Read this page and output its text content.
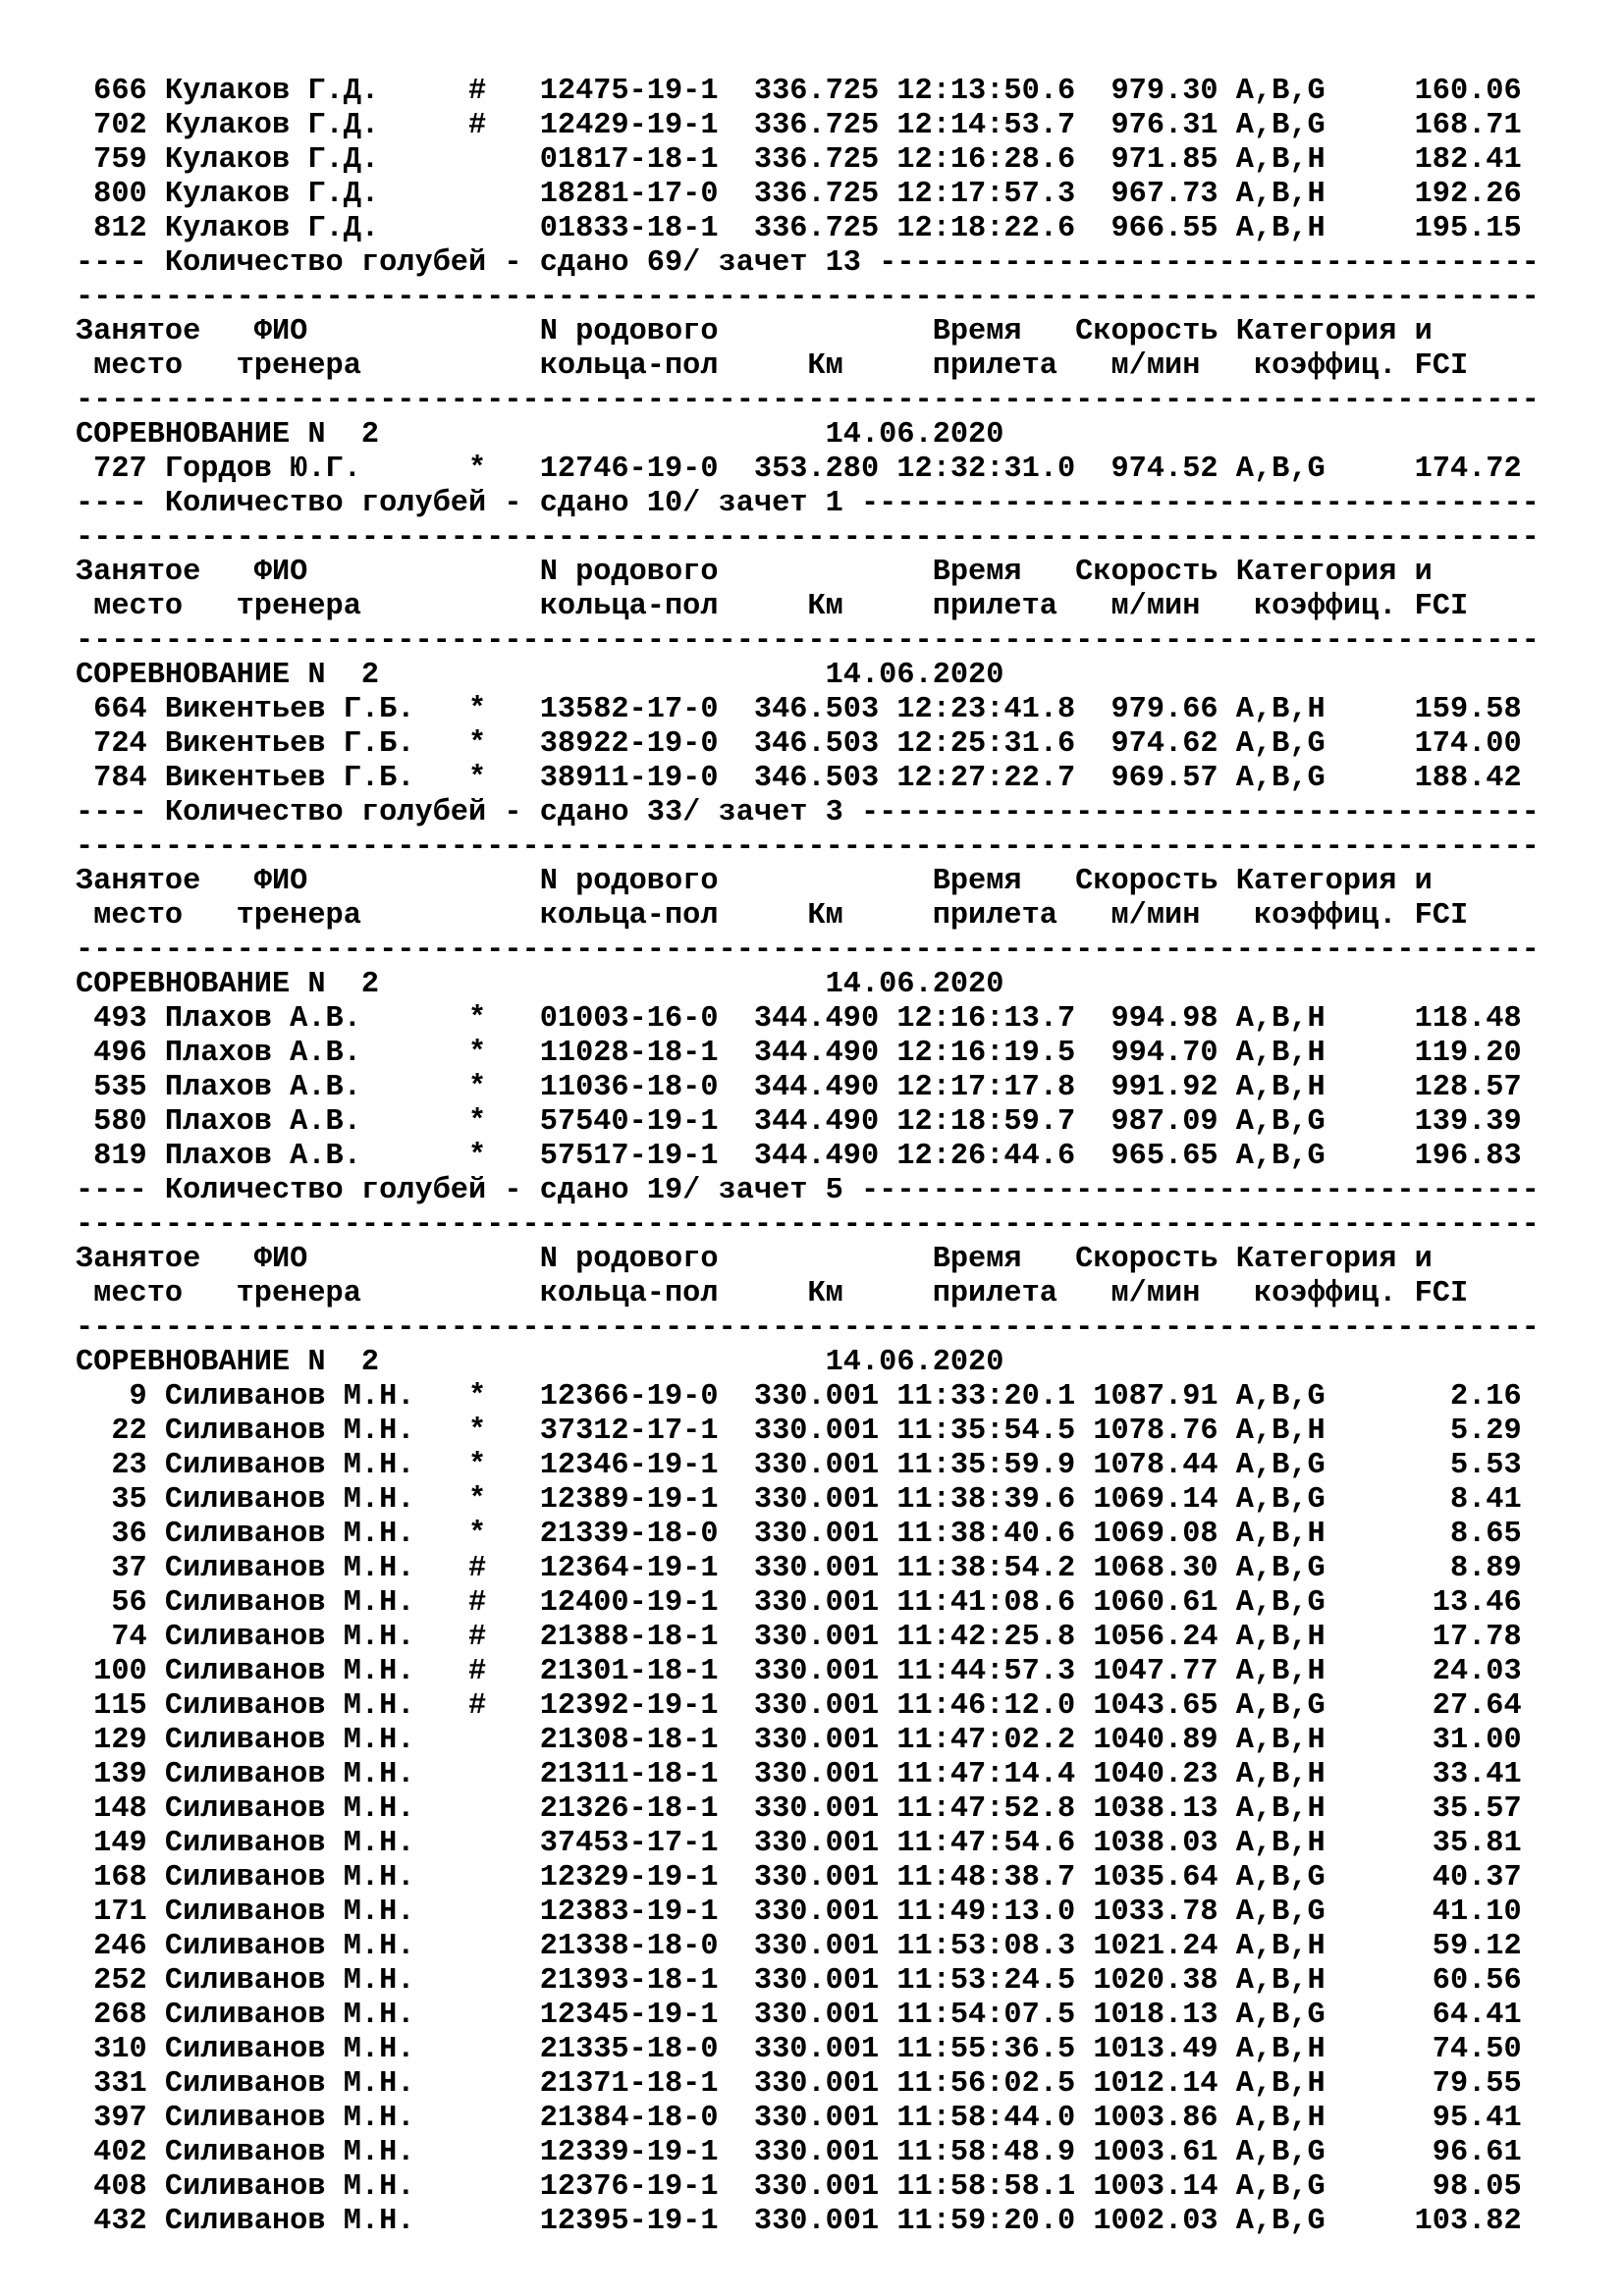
666 Кулаков Г.Д.     #   12475-19-1  336.725 12:13:50.6  979.30 A,B,G     160.06
702 Кулаков Г.Д.     #   12429-19-1  336.725 12:14:53.7  976.31 A,B,G     168.71
759 Кулаков Г.Д.         01817-18-1  336.725 12:16:28.6  971.85 A,B,H     182.41
800 Кулаков Г.Д.         18281-17-0  336.725 12:17:57.3  967.73 A,B,H     192.26
812 Кулаков Г.Д.         01833-18-1  336.725 12:18:22.6  966.55 A,B,H     195.15
---- Количество голубей - сдано 69/ зачет 13 -------------------------------------
----------------------------------------------------------------------------------
Занятое   ФИО             N родового            Время   Скорость Категория и
место   тренера          кольца-пол     Км     прилета   м/мин   коэффиц. FCI
----------------------------------------------------------------------------------
СОРЕВНОВАНИЕ N  2                         14.06.2020
727 Гордов Ю.Г.      *   12746-19-0  353.280 12:32:31.0  974.52 A,B,G     174.72
---- Количество голубей - сдано 10/ зачет 1 --------------------------------------
----------------------------------------------------------------------------------
Занятое   ФИО             N родового            Время   Скорость Категория и
место   тренера          кольца-пол     Км     прилета   м/мин   коэффиц. FCI
----------------------------------------------------------------------------------
СОРЕВНОВАНИЕ N  2                         14.06.2020
664 Викентьев Г.Б.   *   13582-17-0  346.503 12:23:41.8  979.66 A,B,H     159.58
724 Викентьев Г.Б.   *   38922-19-0  346.503 12:25:31.6  974.62 A,B,G     174.00
784 Викентьев Г.Б.   *   38911-19-0  346.503 12:27:22.7  969.57 A,B,G     188.42
---- Количество голубей - сдано 33/ зачет 3 --------------------------------------
----------------------------------------------------------------------------------
Занятое   ФИО             N родового            Время   Скорость Категория и
место   тренера          кольца-пол     Км     прилета   м/мин   коэффиц. FCI
----------------------------------------------------------------------------------
СОРЕВНОВАНИЕ N  2                         14.06.2020
493 Плахов А.В.      *   01003-16-0  344.490 12:16:13.7  994.98 A,B,H     118.48
496 Плахов А.В.      *   11028-18-1  344.490 12:16:19.5  994.70 A,B,H     119.20
535 Плахов А.В.      *   11036-18-0  344.490 12:17:17.8  991.92 A,B,H     128.57
580 Плахов А.В.      *   57540-19-1  344.490 12:18:59.7  987.09 A,B,G     139.39
819 Плахов А.В.      *   57517-19-1  344.490 12:26:44.6  965.65 A,B,G     196.83
---- Количество голубей - сдано 19/ зачет 5 --------------------------------------
----------------------------------------------------------------------------------
Занятое   ФИО             N родового            Время   Скорость Категория и
место   тренера          кольца-пол     Км     прилета   м/мин   коэффиц. FCI
----------------------------------------------------------------------------------
СОРЕВНОВАНИЕ N  2                         14.06.2020
9 Силиванов М.Н.   *   12366-19-0  330.001 11:33:20.1 1087.91 A,B,G       2.16
22 Силиванов М.Н.   *   37312-17-1  330.001 11:35:54.5 1078.76 A,B,H       5.29
23 Силиванов М.Н.   *   12346-19-1  330.001 11:35:59.9 1078.44 A,B,G       5.53
35 Силиванов М.Н.   *   12389-19-1  330.001 11:38:39.6 1069.14 A,B,G       8.41
36 Силиванов М.Н.   *   21339-18-0  330.001 11:38:40.6 1069.08 A,B,H       8.65
37 Силиванов М.Н.   #   12364-19-1  330.001 11:38:54.2 1068.30 A,B,G       8.89
56 Силиванов М.Н.   #   12400-19-1  330.001 11:41:08.6 1060.61 A,B,G      13.46
74 Силиванов М.Н.   #   21388-18-1  330.001 11:42:25.8 1056.24 A,B,H      17.78
100 Силиванов М.Н.   #   21301-18-1  330.001 11:44:57.3 1047.77 A,B,H      24.03
115 Силиванов М.Н.   #   12392-19-1  330.001 11:46:12.0 1043.65 A,B,G      27.64
129 Силиванов М.Н.       21308-18-1  330.001 11:47:02.2 1040.89 A,B,H      31.00
139 Силиванов М.Н.       21311-18-1  330.001 11:47:14.4 1040.23 A,B,H      33.41
148 Силиванов М.Н.       21326-18-1  330.001 11:47:52.8 1038.13 A,B,H      35.57
149 Силиванов М.Н.       37453-17-1  330.001 11:47:54.6 1038.03 A,B,H      35.81
168 Силиванов М.Н.       12329-19-1  330.001 11:48:38.7 1035.64 A,B,G      40.37
171 Силиванов М.Н.       12383-19-1  330.001 11:49:13.0 1033.78 A,B,G      41.10
246 Силиванов М.Н.       21338-18-0  330.001 11:53:08.3 1021.24 A,B,H      59.12
252 Силиванов М.Н.       21393-18-1  330.001 11:53:24.5 1020.38 A,B,H      60.56
268 Силиванов М.Н.       12345-19-1  330.001 11:54:07.5 1018.13 A,B,G      64.41
310 Силиванов М.Н.       21335-18-0  330.001 11:55:36.5 1013.49 A,B,H      74.50
331 Силиванов М.Н.       21371-18-1  330.001 11:56:02.5 1012.14 A,B,H      79.55
397 Силиванов М.Н.       21384-18-0  330.001 11:58:44.0 1003.86 A,B,H      95.41
402 Силиванов М.Н.       12339-19-1  330.001 11:58:48.9 1003.61 A,B,G      96.61
408 Силиванов М.Н.       12376-19-1  330.001 11:58:58.1 1003.14 A,B,G      98.05
432 Силиванов М.Н.       12395-19-1  330.001 11:59:20.0 1002.03 A,B,G     103.82
